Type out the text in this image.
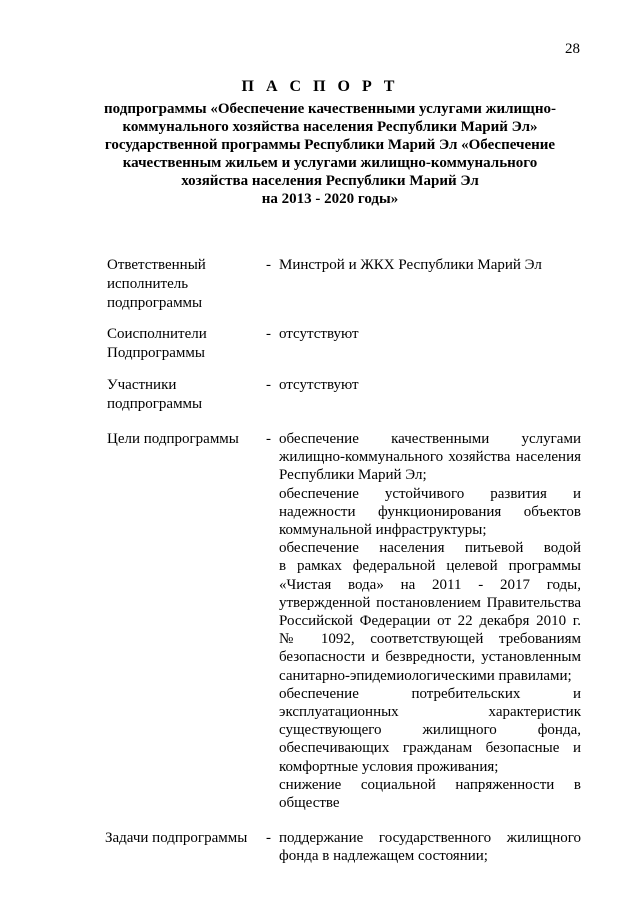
28
П А С П О Р Т
подпрограммы «Обеспечение качественными услугами жилищно-
коммунального хозяйства населения Республики Марий Эл»
государственной программы Республики Марий Эл «Обеспечение
качественным жильем и услугами жилищно-коммунального
хозяйства населения Республики Марий Эл
на 2013 - 2020 годы»
Ответственный
исполнитель
подпрограммы
- Минстрой и ЖКХ Республики Марий Эл
Соисполнители
Подпрограммы
- отсутствуют
Участники
подпрограммы
- отсутствуют
Цели подпрограммы	- обеспечение качественными услугами
жилищно-коммунального хозяйства населения
Республики Марий Эл;
обеспечение устойчивого развития и
надежности функционирования объектов
коммунальной инфраструктуры;
обеспечение населения питьевой водой
в рамках федеральной целевой программы
«Чистая вода» на 2011 - 2017 годы,
утвержденной постановлением Правительства
Российской Федерации от 22 декабря 2010 г.
№ 1092, соответствующей требованиям
безопасности и безвредности, установленным
санитарно-эпидемиологическими правилами;
обеспечение потребительских и
эксплуатационных характеристик
существующего жилищного фонда,
обеспечивающих гражданам безопасные и
комфортные условия проживания;
снижение социальной напряженности в
обществе
Задачи подпрограммы	- поддержание государственного жилищного
фонда в надлежащем состоянии;
